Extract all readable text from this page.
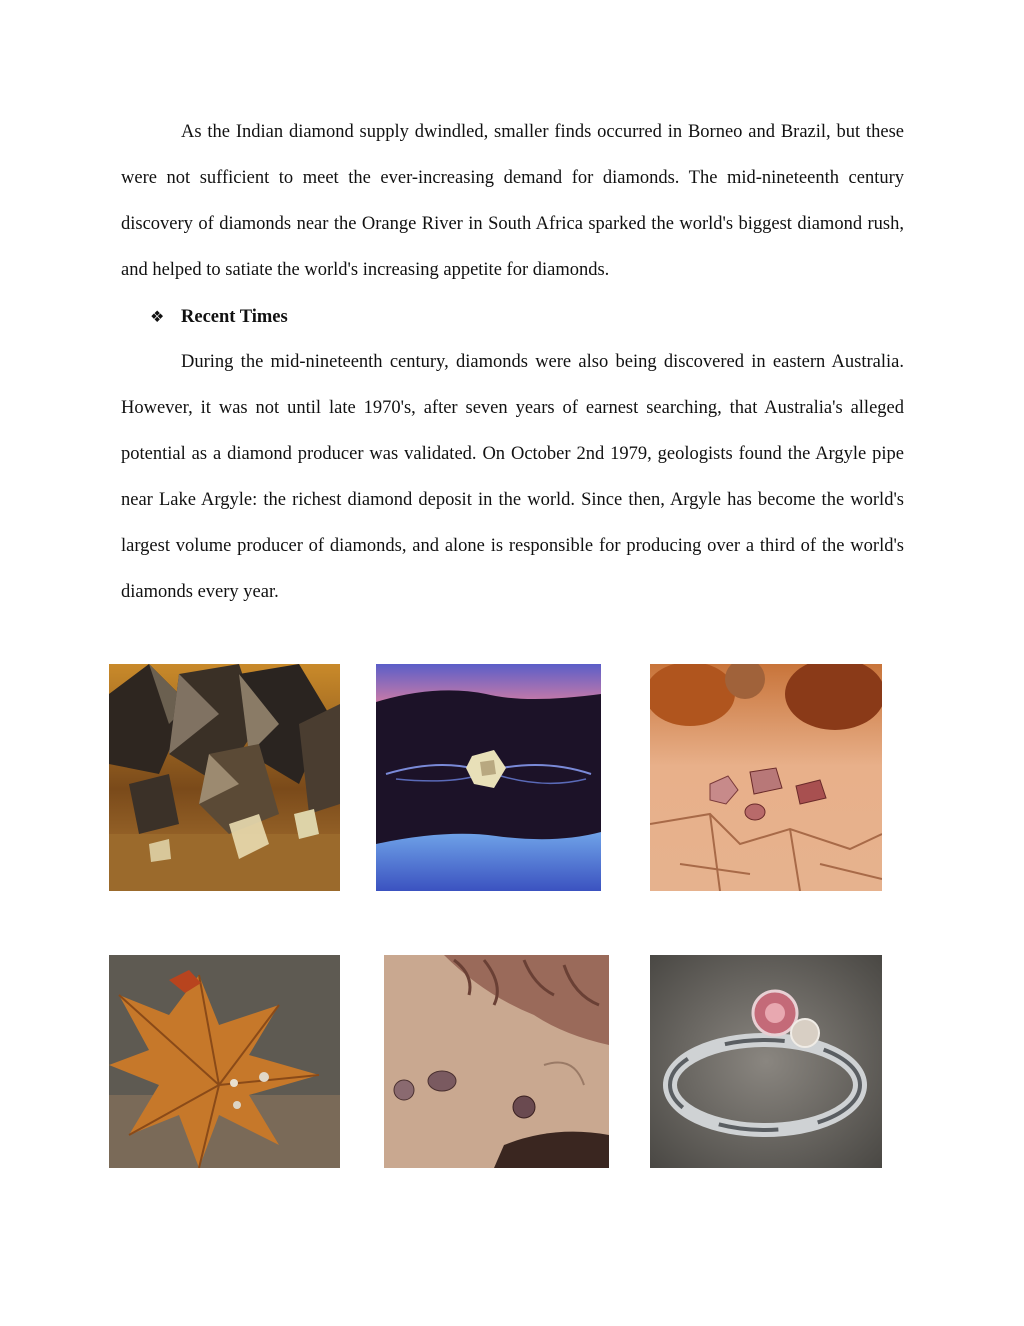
As the Indian diamond supply dwindled, smaller finds occurred in Borneo and Brazil, but these were not sufficient to meet the ever-increasing demand for diamonds. The mid-nineteenth century discovery of diamonds near the Orange River in South Africa sparked the world's biggest diamond rush, and helped to satiate the world's increasing appetite for diamonds.

❖ Recent Times

During the mid-nineteenth century, diamonds were also being discovered in eastern Australia. However, it was not until late 1970's, after seven years of earnest searching, that Australia's alleged potential as a diamond producer was validated. On October 2nd 1979, geologists found the Argyle pipe near Lake Argyle: the richest diamond deposit in the world. Since then, Argyle has become the world's largest volume producer of diamonds, and alone is responsible for producing over a third of the world's diamonds every year.
